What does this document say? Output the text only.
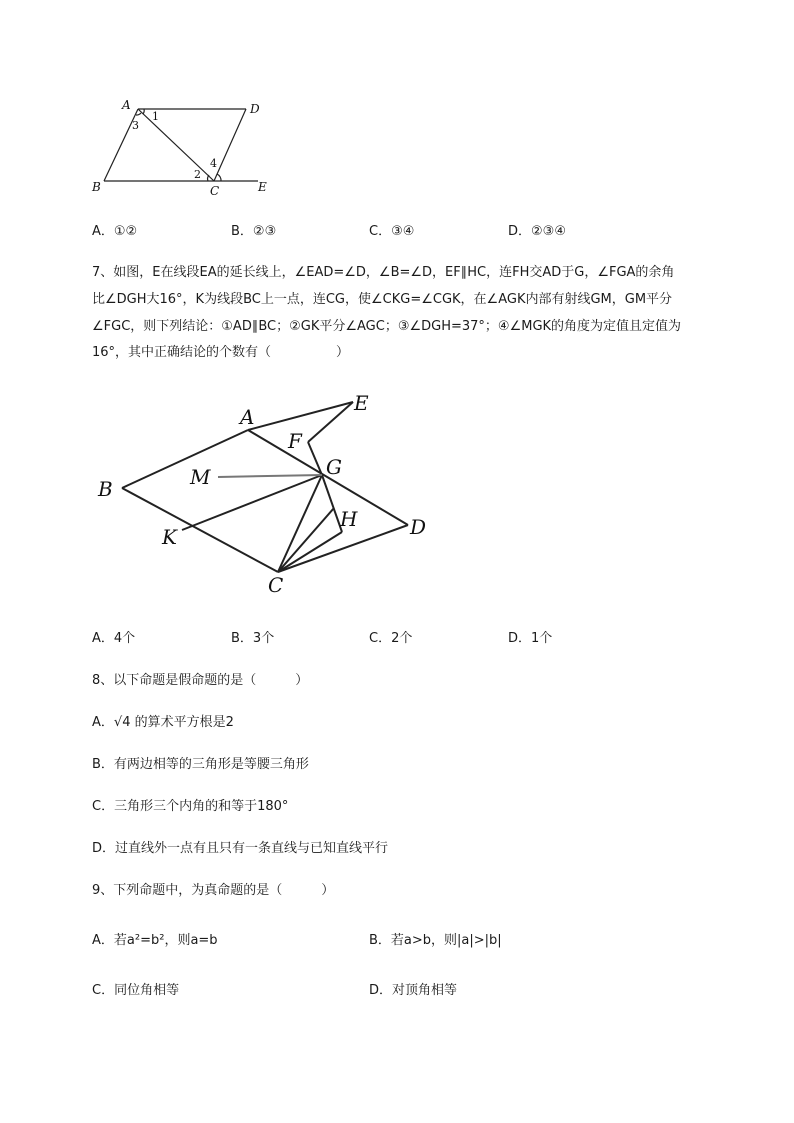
A	D
B	C	E
1
3
2
4
A．①②	B．②③	C．③④	D．②③④
7、如图，E在线段EA的延长线上，∠EAD=∠D，∠B=∠D，EF∥HC，连FH交AD于G，∠FGA的余角
比∠DGH大16°，K为线段BC上一点，连CG，使∠CKG=∠CGK，在∠AGK内部有射线GM，GM平分
∠FGC，则下列结论：①AD∥BC；②GK平分∠AGC；③∠DGH=37°；④∠MGK的角度为定值且定值为
16°，其中正确结论的个数有（　　　　　）
A
E
F
B	M	G
H	D
K
C
A．4个	B．3个	C．2个	D．1个
8、以下命题是假命题的是（　　　）
A．√4 的算术平方根是2
B．有两边相等的三角形是等腰三角形
C．三角形三个内角的和等于180°
D．过直线外一点有且只有一条直线与已知直线平行
9、下列命题中，为真命题的是（　　　）
A．若a²=b²，则a=b	B．若a>b，则|a|>|b|
C．同位角相等	D．对顶角相等
